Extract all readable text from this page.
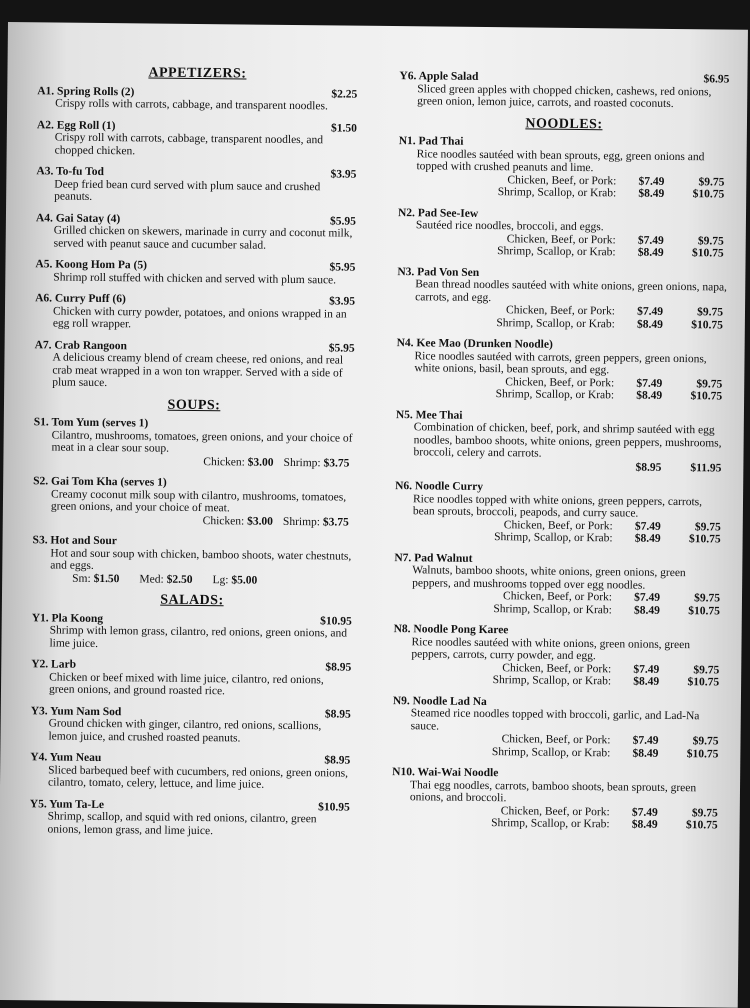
APPETIZERS:
A1. Spring Rolls (2)	$2.25
Crispy rolls with carrots, cabbage, and transparent noodles.
A2. Egg Roll (1)	$1.50
Crispy roll with carrots, cabbage, transparent noodles, and chopped chicken.
A3. To-fu Tod	$3.95
Deep fried bean curd served with plum sauce and crushed peanuts.
A4. Gai Satay (4)	$5.95
Grilled chicken on skewers, marinade in curry and coconut milk, served with peanut sauce and cucumber salad.
A5. Koong Hom Pa (5)	$5.95
Shrimp roll stuffed with chicken and served with plum sauce.
A6. Curry Puff (6)	$3.95
Chicken with curry powder, potatoes, and onions wrapped in an egg roll wrapper.
A7. Crab Rangoon	$5.95
A delicious creamy blend of cream cheese, red onions, and real crab meat wrapped in a won ton wrapper. Served with a side of plum sauce.
SOUPS:
S1. Tom Yum (serves 1)
Cilantro, mushrooms, tomatoes, green onions, and your choice of meat in a clear sour soup.
Chicken: $3.00 Shrimp: $3.75
S2. Gai Tom Kha (serves 1)
Creamy coconut milk soup with cilantro, mushrooms, tomatoes, green onions, and your choice of meat.
Chicken: $3.00 Shrimp: $3.75
S3. Hot and Sour
Hot and sour soup with chicken, bamboo shoots, water chestnuts, and eggs.
Sm: $1.50 Med: $2.50 Lg: $5.00
SALADS:
Y1. Pla Koong	$10.95
Shrimp with lemon grass, cilantro, red onions, green onions, and lime juice.
Y2. Larb	$8.95
Chicken or beef mixed with lime juice, cilantro, red onions, green onions, and ground roasted rice.
Y3. Yum Nam Sod	$8.95
Ground chicken with ginger, cilantro, red onions, scallions, lemon juice, and crushed roasted peanuts.
Y4. Yum Neau	$8.95
Sliced barbequed beef with cucumbers, red onions, green onions, cilantro, tomato, celery, lettuce, and lime juice.
Y5. Yum Ta-Le	$10.95
Shrimp, scallop, and squid with red onions, cilantro, green onions, lemon grass, and lime juice.
Y6. Apple Salad	$6.95
Sliced green apples with chopped chicken, cashews, red onions, green onion, lemon juice, carrots, and roasted coconuts.
NOODLES:
N1. Pad Thai
Rice noodles sautéed with bean sprouts, egg, green onions and topped with crushed peanuts and lime.
Chicken, Beef, or Pork:	$7.49	$9.75
Shrimp, Scallop, or Krab:	$8.49	$10.75
N2. Pad See-Iew
Sautéed rice noodles, broccoli, and eggs.
Chicken, Beef, or Pork:	$7.49	$9.75
Shrimp, Scallop, or Krab:	$8.49	$10.75
N3. Pad Von Sen
Bean thread noodles sautéed with white onions, green onions, napa, carrots, and egg.
Chicken, Beef, or Pork:	$7.49	$9.75
Shrimp, Scallop, or Krab:	$8.49	$10.75
N4. Kee Mao (Drunken Noodle)
Rice noodles sautéed with carrots, green peppers, green onions, white onions, basil, bean sprouts, and egg.
Chicken, Beef, or Pork:	$7.49	$9.75
Shrimp, Scallop, or Krab:	$8.49	$10.75
N5. Mee Thai
Combination of chicken, beef, pork, and shrimp sautéed with egg noodles, bamboo shoots, white onions, green peppers, mushrooms, broccoli, celery and carrots.
$8.95	$11.95
N6. Noodle Curry
Rice noodles topped with white onions, green peppers, carrots, bean sprouts, broccoli, peapods, and curry sauce.
Chicken, Beef, or Pork:	$7.49	$9.75
Shrimp, Scallop, or Krab:	$8.49	$10.75
N7. Pad Walnut
Walnuts, bamboo shoots, white onions, green onions, green peppers, and mushrooms topped over egg noodles.
Chicken, Beef, or Pork:	$7.49	$9.75
Shrimp, Scallop, or Krab:	$8.49	$10.75
N8. Noodle Pong Karee
Rice noodles sautéed with white onions, green onions, green peppers, carrots, curry powder, and egg.
Chicken, Beef, or Pork:	$7.49	$9.75
Shrimp, Scallop, or Krab:	$8.49	$10.75
N9. Noodle Lad Na
Steamed rice noodles topped with broccoli, garlic, and Lad-Na sauce.
Chicken, Beef, or Pork:	$7.49	$9.75
Shrimp, Scallop, or Krab:	$8.49	$10.75
N10. Wai-Wai Noodle
Thai egg noodles, carrots, bamboo shoots, bean sprouts, green onions, and broccoli.
Chicken, Beef, or Pork:	$7.49	$9.75
Shrimp, Scallop, or Krab:	$8.49	$10.75
